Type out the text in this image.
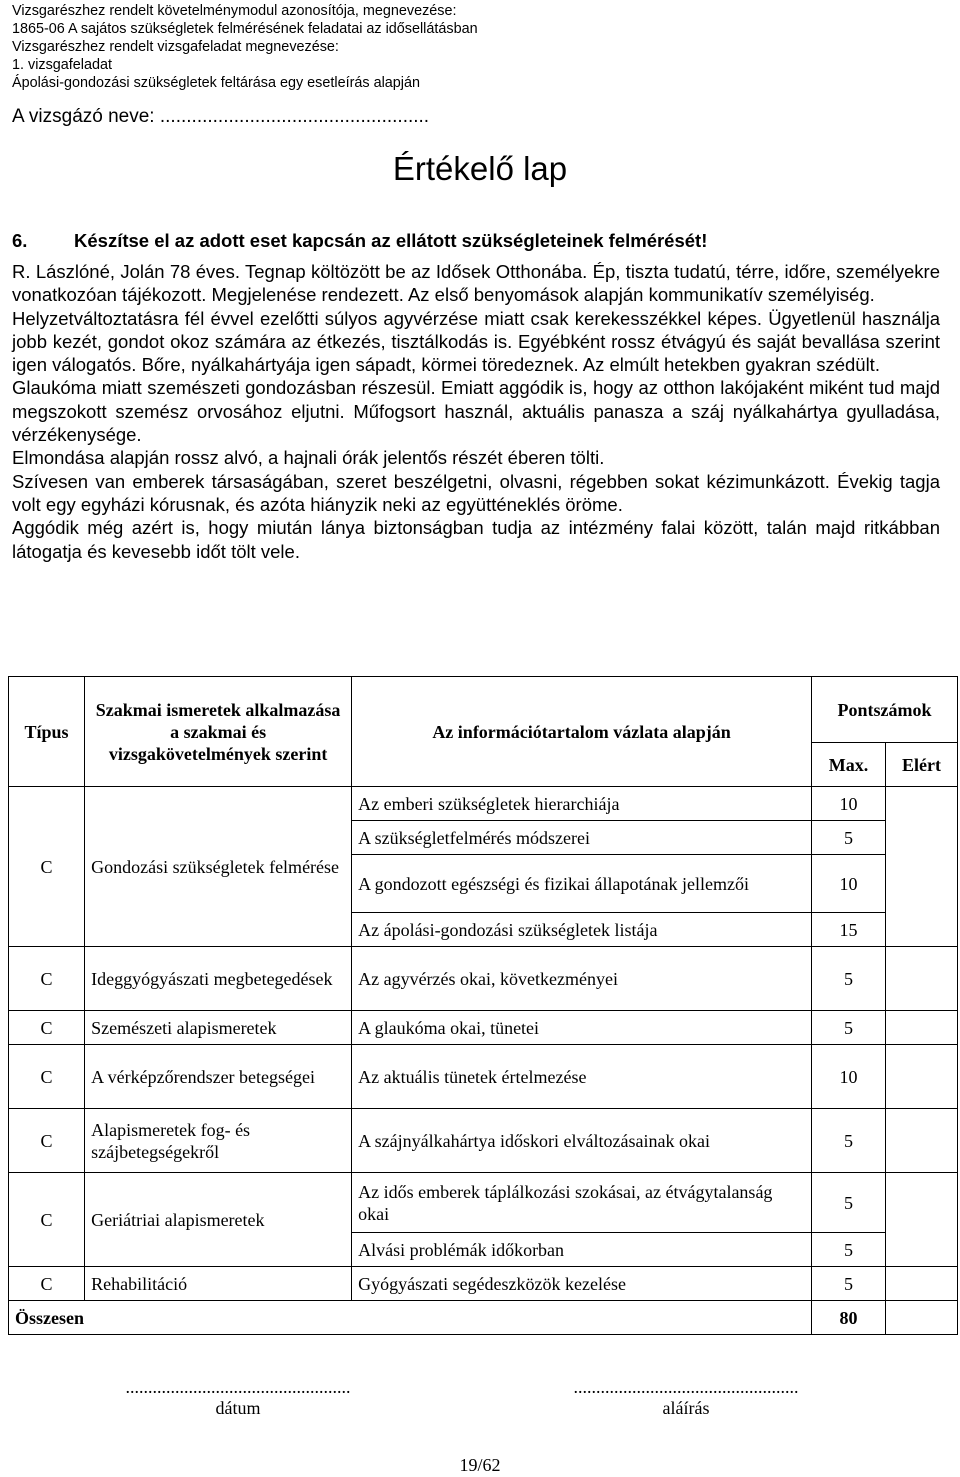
Vizsgarészhez rendelt követelménymodul azonosítója, megnevezése:
1865-06 A sajátos szükségletek felmérésének feladatai az idősellátásban
Vizsgarészhez rendelt vizsgafeladat megnevezése:
1. vizsgafeladat
Ápolási-gondozási szükségletek feltárása egy esetleírás alapján
A vizsgázó neve: ...................................................
Értékelő lap
6.	Készítse el az adott eset kapcsán az ellátott szükségleteinek felmérését!

R. Lászlóné, Jolán 78 éves. Tegnap költözött be az Idősek Otthonába. Ép, tiszta tudatú, térre, időre, személyekre vonatkozóan tájékozott. Megjelenése rendezett. Az első benyomások alapján kommunikatív személyiség.

Helyzetváltoztatásra fél évvel ezelőtti súlyos agyvérzése miatt csak kerekesszékkel képes. Ügyetlenül használja jobb kezét, gondot okoz számára az étkezés, tisztálkodás is. Egyébként rossz étvágyú és saját bevallása szerint igen válogatós. Bőre, nyálkahártyája igen sápadt, körmei töredeznek. Az elmúlt hetekben gyakran szédült.

Glaukóma miatt szemészeti gondozásban részesül. Emiatt aggódik is, hogy az otthon lakójaként miként tud majd megszokott szemész orvosához eljutni. Műfogsort használ, aktuális panasza a száj nyálkahártya gyulladása, vérzékenysége.

Elmondása alapján rossz alvó, a hajnali órák jelentős részét éberen tölti.

Szívesen van emberek társaságában, szeret beszélgetni, olvasni, régebben sokat kézimunkázott. Évekig tagja volt egy egyházi kórusnak, és azóta hiányzik neki az együtténeklés öröme.

Aggódik még azért is, hogy miután lánya biztonságban tudja az intézmény falai között, talán majd ritkábban látogatja és kevesebb időt tölt vele.

Típus	Szakmai ismeretek alkalmazása a szakmai és vizsgakövetelmények szerint	Az információtartalom vázlata alapján	Pontszámok	
			Max.	Elért
C	Gondozási szükségletek felmérése	Az emberi szükségletek hierarchiája	10	
		A szükségletfelmérés módszerei	5	
		A gondozott egészségi és fizikai állapotának jellemzői	10	
		Az ápolási-gondozási szükségletek listája	15	
C	Ideggyógyászati megbetegedések	Az agyvérzés okai, következményei	5	
C	Szemészeti alapismeretek	A glaukóma okai, tünetei	5	
C	A vérképzőrendszer betegségei	Az aktuális tünetek értelmezése	10	
C	Alapismeretek fog- és szájbetegségekről	A szájnyálkahártya időskori elváltozásainak okai	5	
C	Geriátriai alapismeretek	Az idős emberek táplálkozási szokásai, az étvágytalanság okai	5	
		Alvási problémák időkorban	5	
C	Rehabilitáció	Gyógyászati segédeszközök kezelése	5	
Összesen			80	
..................................................
dátum
..................................................
aláírás
19/62
